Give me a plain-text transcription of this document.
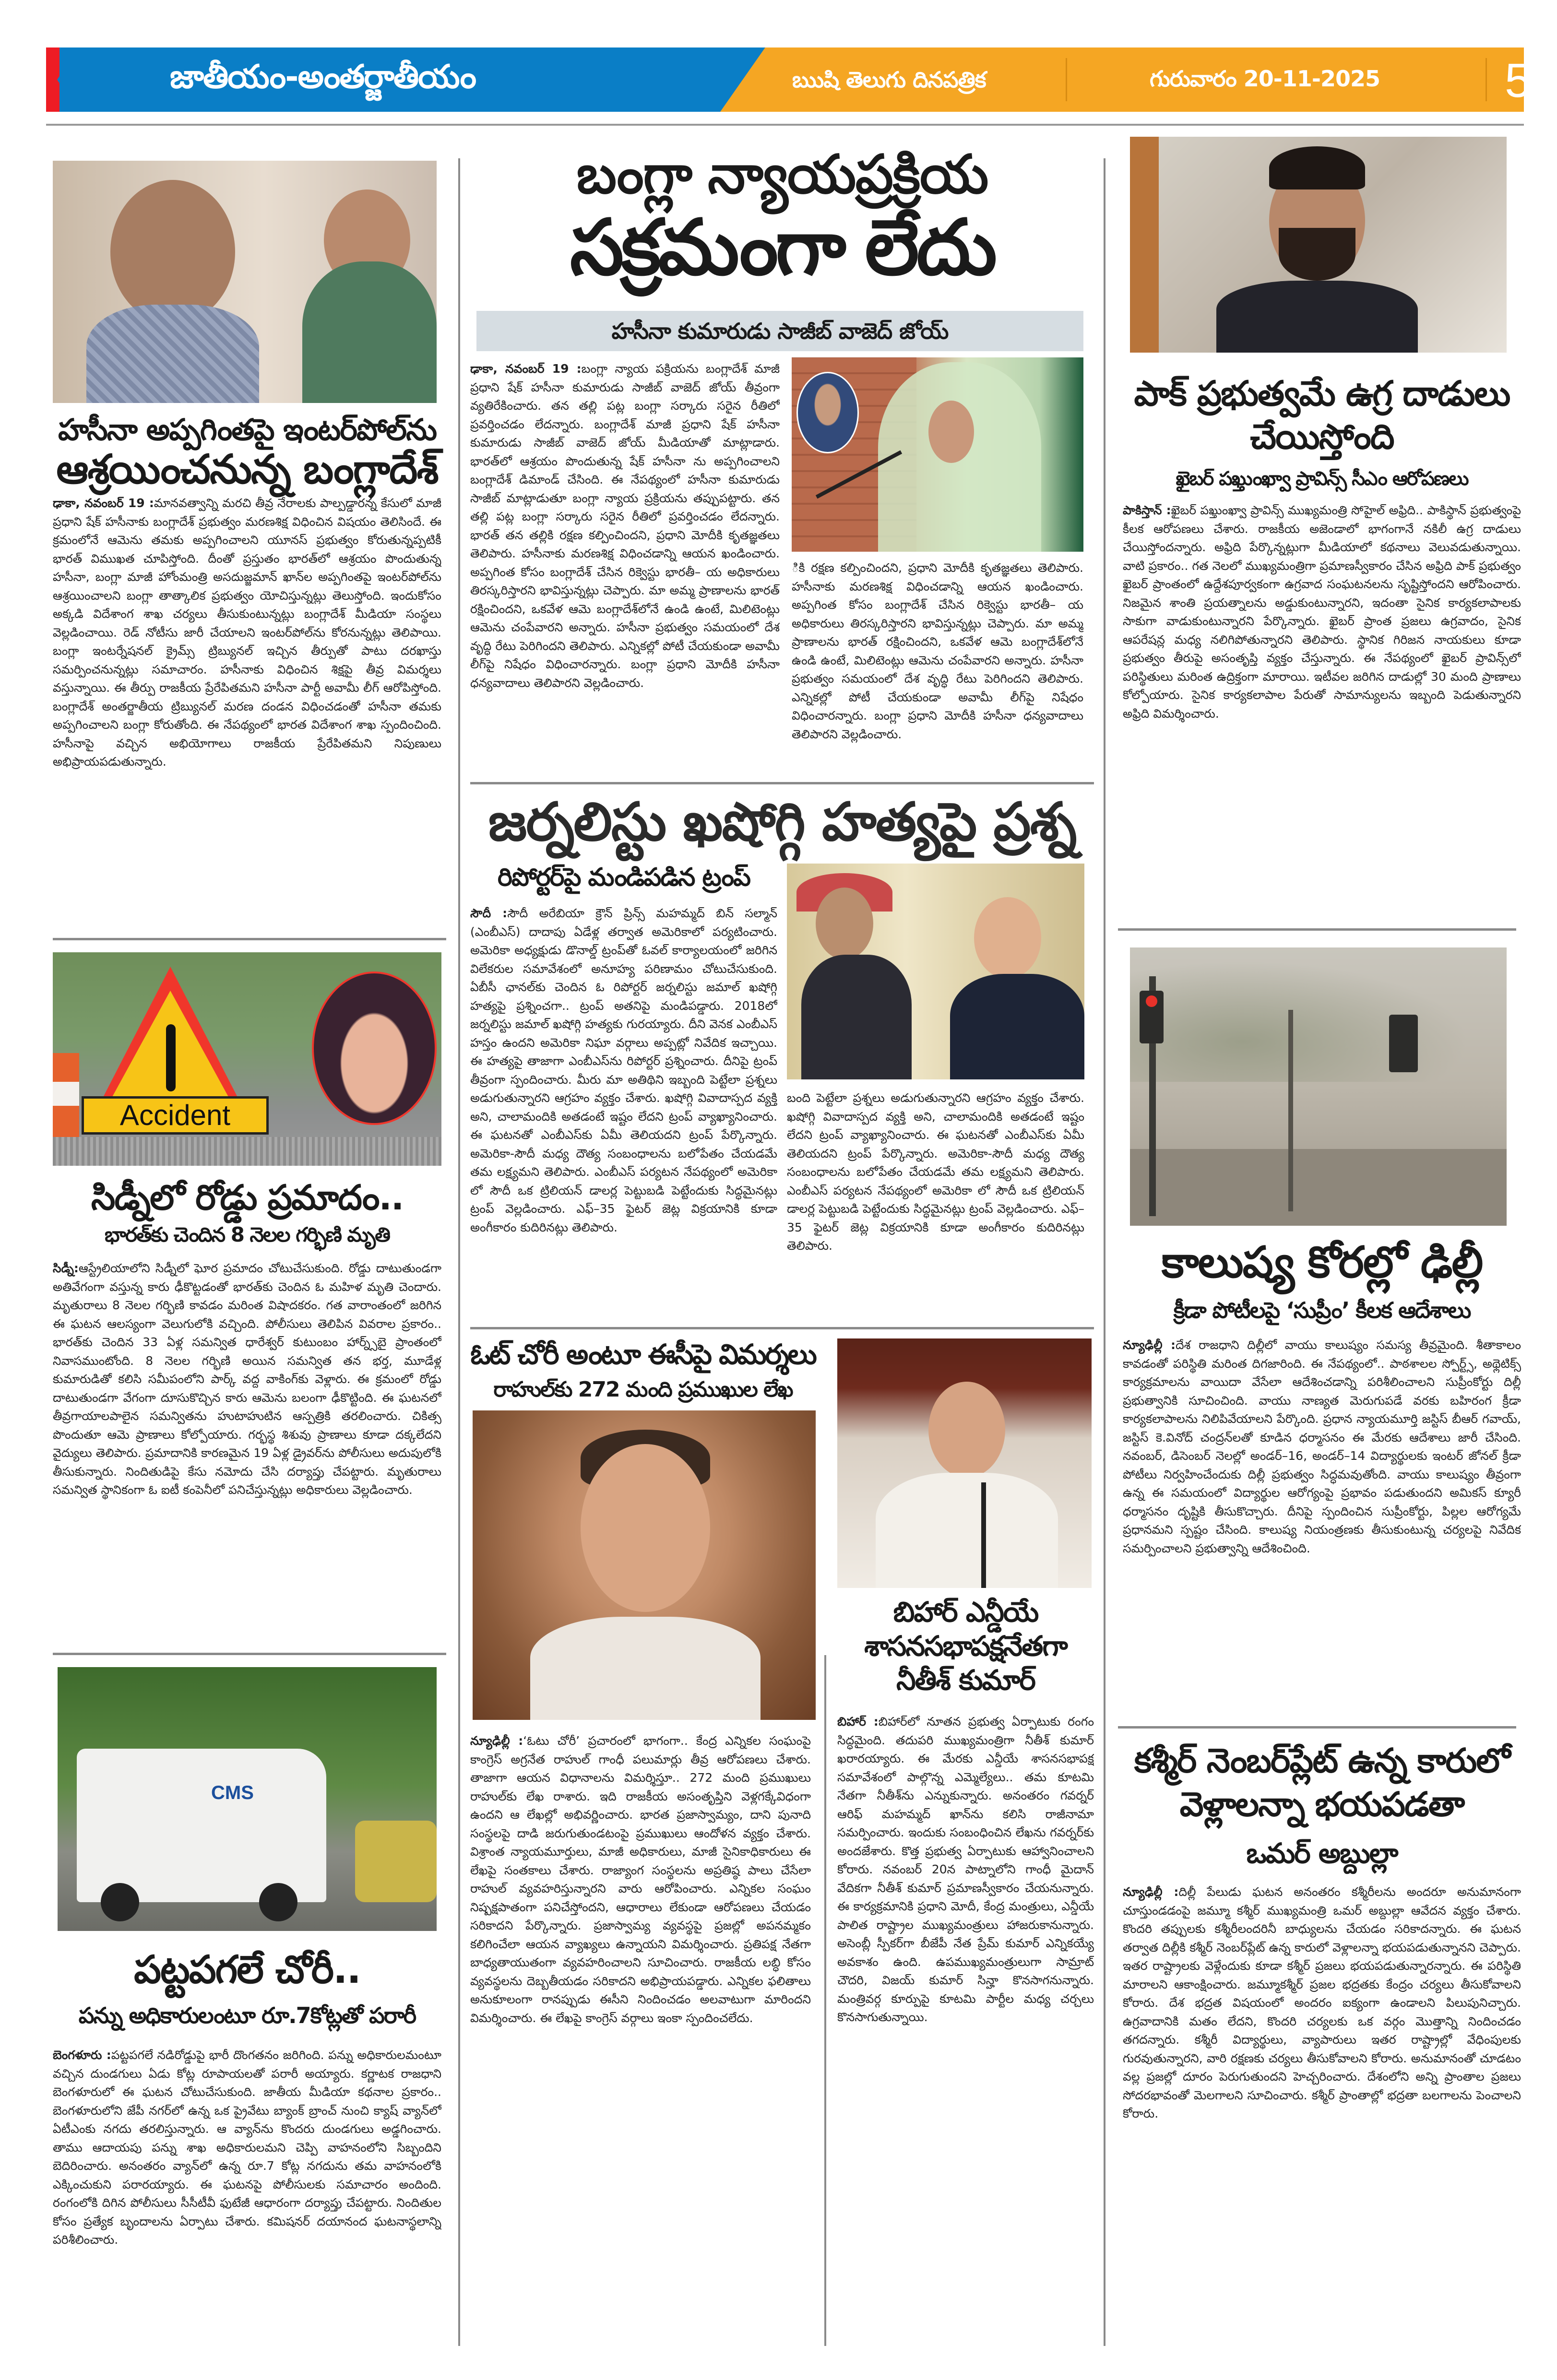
జాతీయం-అంతర్జాతీయం	ఋషి తెలుగు దినపత్రిక	గురువారం 20-11-2025	5
హసీనా అప్పగింతపై ఇంటర్‌పోల్‌ను
ఆశ్రయించనున్న బంగ్లాదేశ్
ఢాకా, నవంబర్ 19 :మానవత్వాన్ని మరచి తీవ్ర నేరాలకు పాల్పడ్డారన్న కేసులో మాజీ ప్రధాని షేక్ హసీనాకు బంగ్లాదేశ్ ప్రభుత్వం మరణశిక్ష విధించిన విషయం తెలిసిందే. ఈ క్రమంలోనే ఆమెను తమకు అప్పగించాలని యూనస్ ప్రభుత్వం కోరుతున్నప్పటికీ భారత్ విముఖత చూపిస్తోంది. దీంతో ప్రస్తుతం భారత్‌లో ఆశ్రయం పొందుతున్న హసీనా, బంగ్లా మాజీ హోంమంత్రి అసదుజ్జమాన్ ఖాన్‌ల అప్పగింతపై ఇంటర్‌పోల్‌ను ఆశ్రయించాలని బంగ్లా తాత్కాలిక ప్రభుత్వం యోచిస్తున్నట్లు తెలుస్తోంది. ఇందుకోసం అక్కడి విదేశాంగ శాఖ చర్యలు తీసుకుంటున్నట్లు బంగ్లాదేశ్ మీడియా సంస్థలు వెల్లడించాయి. రెడ్ నోటీసు జారీ చేయాలని ఇంటర్‌పోల్‌ను కోరనున్నట్లు తెలిపాయి. బంగ్లా ఇంటర్నేషనల్ క్రైమ్స్ ట్రిబ్యునల్ ఇచ్చిన తీర్పుతో పాటు దరఖాస్తు సమర్పించనున్నట్లు సమాచారం. హసీనాకు విధించిన శిక్షపై తీవ్ర విమర్శలు వస్తున్నాయి. ఈ తీర్పు రాజకీయ ప్రేరేపితమని హసీనా పార్టీ అవామీ లీగ్ ఆరోపిస్తోంది. బంగ్లాదేశ్ అంతర్జాతీయ ట్రిబ్యునల్ మరణ దండన విధించడంతో హసీనా తమకు అప్పగించాలని బంగ్లా కోరుతోంది. ఈ నేపథ్యంలో భారత విదేశాంగ శాఖ స్పందించింది. హసీనాపై వచ్చిన అభియోగాలు రాజకీయ ప్రేరేపితమని నిపుణులు అభిప్రాయపడుతున్నారు.
Accident
సిడ్నీలో రోడ్డు ప్రమాదం..
భారత్‌కు చెందిన 8 నెలల గర్భిణి మృతి
సిడ్నీ:ఆస్ట్రేలియాలోని సిడ్నీలో ఘోర ప్రమాదం చోటుచేసుకుంది. రోడ్డు దాటుతుండగా అతివేగంగా వస్తున్న కారు ఢీకొట్టడంతో భారత్‌కు చెందిన ఓ మహిళ మృతి చెందారు. మృతురాలు 8 నెలల గర్భిణి కావడం మరింత విషాదకరం. గత వారాంతంలో జరిగిన ఈ ఘటన ఆలస్యంగా వెలుగులోకి వచ్చింది. పోలీసులు తెలిపిన వివరాల ప్రకారం.. భారత్‌కు చెందిన 33 ఏళ్ల సమన్విత ధారేశ్వర్ కుటుంబం హార్న్స్‌బై ప్రాంతంలో నివాసముంటోంది. 8 నెలల గర్భిణి అయిన సమన్విత తన భర్త, మూడేళ్ల కుమారుడితో కలిసి సమీపంలోని పార్క్ వద్ద వాకింగ్‌కు వెళ్లారు. ఈ క్రమంలో రోడ్డు దాటుతుండగా వేగంగా దూసుకొచ్చిన కారు ఆమెను బలంగా ఢీకొట్టింది. ఈ ఘటనలో తీవ్రగాయాలపాలైన సమన్వితను హుటాహుటిన ఆస్పత్రికి తరలించారు. చికిత్స పొందుతూ ఆమె ప్రాణాలు కోల్పోయారు. గర్భస్థ శిశువు ప్రాణాలు కూడా దక్కలేదని వైద్యులు తెలిపారు. ప్రమాదానికి కారణమైన 19 ఏళ్ల డ్రైవర్‌ను పోలీసులు అదుపులోకి తీసుకున్నారు. నిందితుడిపై కేసు నమోదు చేసి దర్యాప్తు చేపట్టారు. మృతురాలు సమన్విత స్థానికంగా ఓ ఐటీ కంపెనీలో పనిచేస్తున్నట్లు అధికారులు వెల్లడించారు.
CMS
పట్టపగలే చోరీ..
పన్ను అధికారులంటూ రూ.7కోట్లతో పరారీ
బెంగళూరు :పట్టపగలే నడిరోడ్డుపై భారీ దొంగతనం జరిగింది. పన్ను అధికారులమంటూ వచ్చిన దుండగులు ఏడు కోట్ల రూపాయలతో పరారీ అయ్యారు. కర్ణాటక రాజధాని బెంగళూరులో ఈ ఘటన చోటుచేసుకుంది. జాతీయ మీడియా కథనాల ప్రకారం.. బెంగళూరులోని జేపీ నగర్‌లో ఉన్న ఒక ప్రైవేటు బ్యాంక్ బ్రాంచ్ నుంచి క్యాష్ వ్యాన్‌లో ఏటీఎంకు నగదు తరలిస్తున్నారు. ఆ వ్యాన్‌ను కొందరు దుండగులు అడ్డగించారు. తాము ఆదాయపు పన్ను శాఖ అధికారులమని చెప్పి వాహనంలోని సిబ్బందిని బెదిరించారు. అనంతరం వ్యాన్‌లో ఉన్న రూ.7 కోట్ల నగదును తమ వాహనంలోకి ఎక్కించుకుని పరారయ్యారు. ఈ ఘటనపై పోలీసులకు సమాచారం అందింది. రంగంలోకి దిగిన పోలీసులు సీసీటీవీ ఫుటేజీ ఆధారంగా దర్యాప్తు చేపట్టారు. నిందితుల కోసం ప్రత్యేక బృందాలను ఏర్పాటు చేశారు. కమిషనర్ దయానంద ఘటనాస్థలాన్ని పరిశీలించారు.
బంగ్లా న్యాయప్రక్రియ
సక్రమంగా లేదు
హసీనా కుమారుడు సాజీబ్ వాజెద్ జోయ్
ఢాకా, నవంబర్ 19 :బంగ్లా న్యాయ పక్రియను బంగ్లాదేశ్ మాజీ ప్రధాని షేక్ హసీనా కుమారుడు సాజీబ్ వాజెద్ జోయ్ తీవ్రంగా వ్యతిరేకించారు. తన తల్లి పట్ల బంగ్లా సర్కారు సరైన రీతిలో ప్రవర్తించడం లేదన్నారు. బంగ్లాదేశ్ మాజీ ప్రధాని షేక్ హసీనా కుమారుడు సాజీబ్ వాజెద్ జోయ్ మీడియాతో మాట్లాడారు. భారత్‌లో ఆశ్రయం పొందుతున్న షేక్ హసీనా ను అప్పగించాలని బంగ్లాదేశ్ డిమాండ్ చేసింది. ఈ నేపథ్యంలో హసీనా కుమారుడు సాజీబ్ మాట్లాడుతూ బంగ్లా న్యాయ ప్రక్రియను తప్పుపట్టారు. తన తల్లి పట్ల బంగ్లా సర్కారు సరైన రీతిలో ప్రవర్తించడం లేదన్నారు. భారత్ తన తల్లికి రక్షణ కల్పించిందని, ప్రధాని మోదీకి కృతజ్ఞతలు తెలిపారు. హసీనాకు మరణశిక్ష విధించడాన్ని ఆయన ఖండించారు. అప్పగింత కోసం బంగ్లాదేశ్ చేసిన రిక్వెస్టు భారతీ– య అధికారులు తిరస్కరిస్తారని భావిస్తున్నట్లు చెప్పారు. మా అమ్మ ప్రాణాలను భారత్ రక్షించిందని, ఒకవేళ ఆమె బంగ్లాదేశ్‌లోనే ఉండి ఉంటే, మిలిటెంట్లు ఆమెను చంపేవారని అన్నారు. హసీనా ప్రభుత్వం సమయంలో దేశ వృద్ధి రేటు పెరిగిందని తెలిపారు. ఎన్నికల్లో పోటీ చేయకుండా అవామీ లీగ్‌పై నిషేధం విధించారన్నారు. బంగ్లా ప్రధాని మోదీకి హసీనా ధన్యవాదాలు తెలిపారని వెల్లడించారు.
ికి రక్షణ కల్పించిందని, ప్రధాని మోదీకి కృతజ్ఞతలు తెలిపారు. హసీనాకు మరణశిక్ష విధించడాన్ని ఆయన ఖండించారు. అప్పగింత కోసం బంగ్లాదేశ్ చేసిన రిక్వెస్టు భారతీ– య అధికారులు తిరస్కరిస్తారని భావిస్తున్నట్లు చెప్పారు. మా అమ్మ ప్రాణాలను భారత్ రక్షించిందని, ఒకవేళ ఆమె బంగ్లాదేశ్‌లోనే ఉండి ఉంటే, మిలిటెంట్లు ఆమెను చంపేవారని అన్నారు. హసీనా ప్రభుత్వం సమయంలో దేశ వృద్ధి రేటు పెరిగిందని తెలిపారు. ఎన్నికల్లో పోటీ చేయకుండా అవామీ లీగ్‌పై నిషేధం విధించారన్నారు. బంగ్లా ప్రధాని మోదీకి హసీనా ధన్యవాదాలు తెలిపారని వెల్లడించారు.
జర్నలిస్టు ఖషోగ్గి హత్యపై ప్రశ్న
రిపోర్టర్‌పై మండిపడిన ట్రంప్
సౌదీ :సౌదీ అరేబియా క్రౌన్ ప్రిన్స్ మహమ్మద్ బిన్ సల్మాన్ (ఎంబీఎస్) దాదాపు ఏడేళ్ల తర్వాత అమెరికాలో పర్యటించారు. అమెరికా అధ్యక్షుడు డొనాల్డ్ ట్రంప్‌తో ఓవల్ కార్యాలయంలో జరిగిన విలేకరుల సమావేశంలో అనూహ్య పరిణామం చోటుచేసుకుంది. ఏబీసీ ఛానల్‌కు చెందిన ఓ రిపోర్టర్ జర్నలిస్టు జమాల్ ఖషోగ్గి హత్యపై ప్రశ్నించగా.. ట్రంప్ అతనిపై మండిపడ్డారు. 2018లో జర్నలిస్టు జమాల్ ఖషోగ్గి హత్యకు గురయ్యారు. దీని వెనక ఎంబీఎస్ హస్తం ఉందని అమెరికా నిఘా వర్గాలు అప్పట్లో నివేదిక ఇచ్చాయి. ఈ హత్యపై తాజాగా ఎంబీఎస్‌ను రిపోర్టర్ ప్రశ్నించారు. దీనిపై ట్రంప్ తీవ్రంగా స్పందించారు. మీరు మా అతిథిని ఇబ్బంది పెట్టేలా ప్రశ్నలు అడుగుతున్నారని ఆగ్రహం వ్యక్తం చేశారు. ఖషోగ్గి వివాదాస్పద వ్యక్తి అని, చాలామందికి అతడంటే ఇష్టం లేదని ట్రంప్ వ్యాఖ్యానించారు. ఈ ఘటనతో ఎంబీఎస్‌కు ఏమీ తెలియదని ట్రంప్ పేర్కొన్నారు. అమెరికా-సౌదీ మధ్య దౌత్య సంబంధాలను బలోపేతం చేయడమే తమ లక్ష్యమని తెలిపారు. ఎంబీఎస్ పర్యటన నేపథ్యంలో అమెరికా లో సౌదీ ఒక ట్రిలియన్ డాలర్ల పెట్టుబడి పెట్టేందుకు సిద్ధమైనట్లు ట్రంప్ వెల్లడించారు. ఎఫ్–35 ఫైటర్ జెట్ల విక్రయానికి కూడా అంగీకారం కుదిరినట్లు తెలిపారు.
బంది పెట్టేలా ప్రశ్నలు అడుగుతున్నారని ఆగ్రహం వ్యక్తం చేశారు. ఖషోగ్గి వివాదాస్పద వ్యక్తి అని, చాలామందికి అతడంటే ఇష్టం లేదని ట్రంప్ వ్యాఖ్యానించారు. ఈ ఘటనతో ఎంబీఎస్‌కు ఏమీ తెలియదని ట్రంప్ పేర్కొన్నారు. అమెరికా-సౌదీ మధ్య దౌత్య సంబంధాలను బలోపేతం చేయడమే తమ లక్ష్యమని తెలిపారు. ఎంబీఎస్ పర్యటన నేపథ్యంలో అమెరికా లో సౌదీ ఒక ట్రిలియన్ డాలర్ల పెట్టుబడి పెట్టేందుకు సిద్ధమైనట్లు ట్రంప్ వెల్లడించారు. ఎఫ్–35 ఫైటర్ జెట్ల విక్రయానికి కూడా అంగీకారం కుదిరినట్లు తెలిపారు.
ఓట్ చోరీ అంటూ ఈసీపై విమర్శలు
రాహుల్‌కు 272 మంది ప్రముఖుల లేఖ
న్యూఢిల్లీ :‘ఓటు చోరీ’ ప్రచారంలో భాగంగా.. కేంద్ర ఎన్నికల సంఘంపై కాంగ్రెస్ అగ్రనేత రాహుల్ గాంధీ పలుమార్లు తీవ్ర ఆరోపణలు చేశారు. తాజాగా ఆయన విధానాలను విమర్శిస్తూ.. 272 మంది ప్రముఖులు రాహుల్‌కు లేఖ రాశారు. ఇది రాజకీయ అసంతృప్తిని వెళ్లగక్కేవిధంగా ఉందని ఆ లేఖల్లో అభివర్ణించారు. భారత ప్రజాస్వామ్యం, దాని పునాది సంస్థలపై దాడి జరుగుతుండటంపై ప్రముఖులు ఆందోళన వ్యక్తం చేశారు. విశ్రాంత న్యాయమూర్తులు, మాజీ అధికారులు, మాజీ సైనికాధికారులు ఈ లేఖపై సంతకాలు చేశారు. రాజ్యాంగ సంస్థలను అప్రతిష్ఠ పాలు చేసేలా రాహుల్ వ్యవహరిస్తున్నారని వారు ఆరోపించారు. ఎన్నికల సంఘం నిష్పక్షపాతంగా పనిచేస్తోందని, ఆధారాలు లేకుండా ఆరోపణలు చేయడం సరికాదని పేర్కొన్నారు. ప్రజాస్వామ్య వ్యవస్థపై ప్రజల్లో అపనమ్మకం కలిగించేలా ఆయన వ్యాఖ్యలు ఉన్నాయని విమర్శించారు. ప్రతిపక్ష నేతగా బాధ్యతాయుతంగా వ్యవహరించాలని సూచించారు. రాజకీయ లబ్ధి కోసం వ్యవస్థలను దెబ్బతీయడం సరికాదని అభిప్రాయపడ్డారు. ఎన్నికల ఫలితాలు అనుకూలంగా రానప్పుడు ఈసీని నిందించడం అలవాటుగా మారిందని విమర్శించారు. ఈ లేఖపై కాంగ్రెస్ వర్గాలు ఇంకా స్పందించలేదు.
బిహార్ ఎన్డీయే శాసనసభాపక్షనేతగా నీతీశ్ కుమార్
బిహార్ :బిహార్‌లో నూతన ప్రభుత్వ ఏర్పాటుకు రంగం సిద్ధమైంది. తదుపరి ముఖ్యమంత్రిగా నీతీశ్ కుమార్ ఖరారయ్యారు. ఈ మేరకు ఎన్డీయే శాసనసభాపక్ష సమావేశంలో పాల్గొన్న ఎమ్మెల్యేలు.. తమ కూటమి నేతగా నీతీశ్‌ను ఎన్నుకున్నారు. అనంతరం గవర్నర్ ఆరిఫ్ మహమ్మద్ ఖాన్‌ను కలిసి రాజీనామా సమర్పించారు. ఇందుకు సంబంధించిన లేఖను గవర్నర్‌కు అందజేశారు. కొత్త ప్రభుత్వ ఏర్పాటుకు ఆహ్వానించాలని కోరారు. నవంబర్ 20న పాట్నాలోని గాంధీ మైదాన్ వేదికగా నీతీశ్ కుమార్ ప్రమాణస్వీకారం చేయనున్నారు. ఈ కార్యక్రమానికి ప్రధాని మోదీ, కేంద్ర మంత్రులు, ఎన్డీయే పాలిత రాష్ట్రాల ముఖ్యమంత్రులు హాజరుకానున్నారు. అసెంబ్లీ స్పీకర్‌గా బీజేపీ నేత ప్రేమ్ కుమార్ ఎన్నికయ్యే అవకాశం ఉంది. ఉపముఖ్యమంత్రులుగా సామ్రాట్ చౌదరి, విజయ్ కుమార్ సిన్హా కొనసాగనున్నారు. మంత్రివర్గ కూర్పుపై కూటమి పార్టీల మధ్య చర్చలు కొనసాగుతున్నాయి.
పాక్ ప్రభుత్వమే ఉగ్ర దాడులు చేయిస్తోంది
ఖైబర్ పఖ్తుంఖ్వా ప్రావిన్స్ సీఎం ఆరోపణలు
పాకిస్తాన్ :ఖైబర్ పఖ్తుంఖ్వా ప్రావిన్స్ ముఖ్యమంత్రి సోహైల్ అఫ్రిది.. పాకిస్థాన్ ప్రభుత్వంపై కీలక ఆరోపణలు చేశారు. రాజకీయ అజెండాలో భాగంగానే నకిలీ ఉగ్ర దాడులు చేయిస్తోందన్నారు. అఫ్రిది పేర్కొన్నట్లుగా మీడియాలో కథనాలు వెలువడుతున్నాయి. వాటి ప్రకారం.. గత నెలలో ముఖ్యమంత్రిగా ప్రమాణస్వీకారం చేసిన అఫ్రిది పాక్ ప్రభుత్వం ఖైబర్ ప్రాంతంలో ఉద్దేశపూర్వకంగా ఉగ్రవాద సంఘటనలను సృష్టిస్తోందని ఆరోపించారు. నిజమైన శాంతి ప్రయత్నాలను అడ్డుకుంటున్నారని, ఇదంతా సైనిక కార్యకలాపాలకు సాకుగా వాడుకుంటున్నారని పేర్కొన్నారు. ఖైబర్ ప్రాంత ప్రజలు ఉగ్రవాదం, సైనిక ఆపరేషన్ల మధ్య నలిగిపోతున్నారని తెలిపారు. స్థానిక గిరిజన నాయకులు కూడా ప్రభుత్వం తీరుపై అసంతృప్తి వ్యక్తం చేస్తున్నారు. ఈ నేపథ్యంలో ఖైబర్ ప్రావిన్స్‌లో పరిస్థితులు మరింత ఉద్రిక్తంగా మారాయి. ఇటీవల జరిగిన దాడుల్లో 30 మంది ప్రాణాలు కోల్పోయారు. సైనిక కార్యకలాపాల పేరుతో సామాన్యులను ఇబ్బంది పెడుతున్నారని అఫ్రిది విమర్శించారు.
కాలుష్య కోరల్లో ఢిల్లీ
క్రీడా పోటీలపై ‘సుప్రీం’ కీలక ఆదేశాలు
న్యూఢిల్లీ :దేశ రాజధాని దిల్లీలో వాయు కాలుష్యం సమస్య తీవ్రమైంది. శీతాకాలం కావడంతో పరిస్థితి మరింత దిగజారింది. ఈ నేపథ్యంలో.. పాఠశాలల స్పోర్ట్స్, అథ్లెటిక్స్ కార్యక్రమాలను వాయిదా వేసేలా ఆదేశించడాన్ని పరిశీలించాలని సుప్రీంకోర్టు దిల్లీ ప్రభుత్వానికి సూచించింది. వాయు నాణ్యత మెరుగుపడే వరకు బహిరంగ క్రీడా కార్యకలాపాలను నిలిపివేయాలని పేర్కొంది. ప్రధాన న్యాయమూర్తి జస్టిస్ బీఆర్ గవాయ్, జస్టిస్ కె.వినోద్ చంద్రన్‌లతో కూడిన ధర్మాసనం ఈ మేరకు ఆదేశాలు జారీ చేసింది. నవంబర్, డిసెంబర్ నెలల్లో అండర్–16, అండర్–14 విద్యార్థులకు ఇంటర్ జోనల్ క్రీడా పోటీలు నిర్వహించేందుకు దిల్లీ ప్రభుత్వం సిద్ధమవుతోంది. వాయు కాలుష్యం తీవ్రంగా ఉన్న ఈ సమయంలో విద్యార్థుల ఆరోగ్యంపై ప్రభావం పడుతుందని అమికస్ క్యూరీ ధర్మాసనం దృష్టికి తీసుకొచ్చారు. దీనిపై స్పందించిన సుప్రీంకోర్టు, పిల్లల ఆరోగ్యమే ప్రధానమని స్పష్టం చేసింది. కాలుష్య నియంత్రణకు తీసుకుంటున్న చర్యలపై నివేదిక సమర్పించాలని ప్రభుత్వాన్ని ఆదేశించింది.
కశ్మీర్ నెంబర్‌ప్లేట్ ఉన్న కారులో వెళ్లాలన్నా భయపడతా
ఒమర్ అబ్దుల్లా
న్యూఢిల్లీ :దిల్లీ పేలుడు ఘటన అనంతరం కశ్మీరీలను అందరూ అనుమానంగా చూస్తుండడంపై జమ్మూ కశ్మీర్ ముఖ్యమంత్రి ఒమర్ అబ్దుల్లా ఆవేదన వ్యక్తం చేశారు. కొందరి తప్పులకు కశ్మీరీలందరినీ బాధ్యులను చేయడం సరికాదన్నారు. ఈ ఘటన తర్వాత దిల్లీకి కశ్మీర్ నెంబర్‌ప్లేట్ ఉన్న కారులో వెళ్లాలన్నా భయపడుతున్నానని చెప్పారు. ఇతర రాష్ట్రాలకు వెళ్లేందుకు కూడా కశ్మీర్ ప్రజలు భయపడుతున్నారన్నారు. ఈ పరిస్థితి మారాలని ఆకాంక్షించారు. జమ్మూకశ్మీర్ ప్రజల భద్రతకు కేంద్రం చర్యలు తీసుకోవాలని కోరారు. దేశ భద్రత విషయంలో అందరం ఐక్యంగా ఉండాలని పిలుపునిచ్చారు. ఉగ్రవాదానికి మతం లేదని, కొందరి చర్యలకు ఒక వర్గం మొత్తాన్ని నిందించడం తగదన్నారు. కశ్మీరీ విద్యార్థులు, వ్యాపారులు ఇతర రాష్ట్రాల్లో వేధింపులకు గురవుతున్నారని, వారి రక్షణకు చర్యలు తీసుకోవాలని కోరారు. అనుమానంతో చూడటం వల్ల ప్రజల్లో దూరం పెరుగుతుందని హెచ్చరించారు. దేశంలోని అన్ని ప్రాంతాల ప్రజలు సోదరభావంతో మెలగాలని సూచించారు. కశ్మీర్ ప్రాంతాల్లో భద్రతా బలగాలను పెంచాలని కోరారు.
